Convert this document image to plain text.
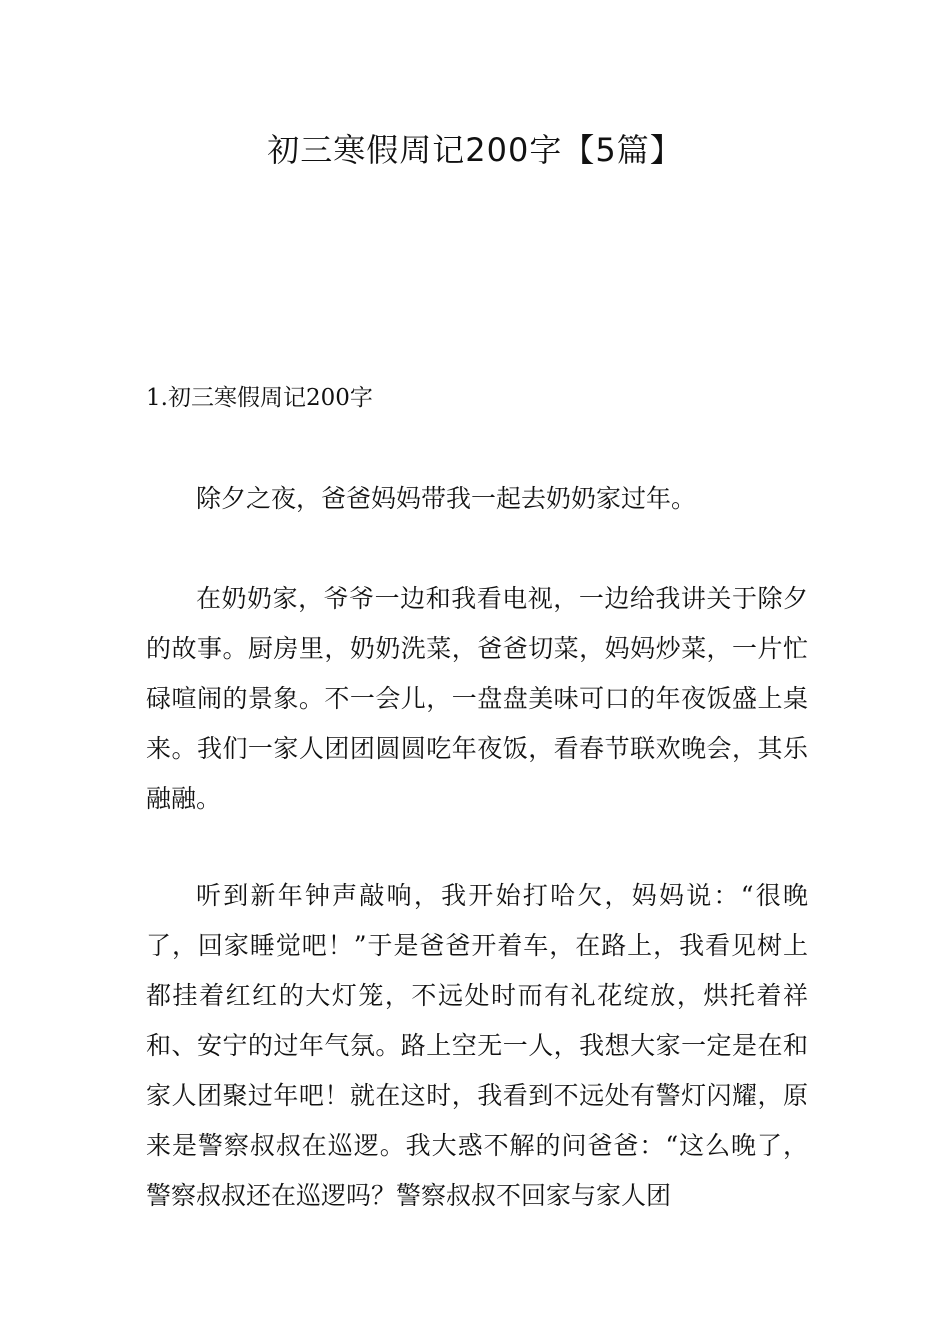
初三寒假周记200字【5篇】
1.初三寒假周记200字

除夕之夜，爸爸妈妈带我一起去奶奶家过年。

在奶奶家，爷爷一边和我看电视，一边给我讲关于除夕的故事。厨房里，奶奶洗菜，爸爸切菜，妈妈炒菜，一片忙碌喧闹的景象。不一会儿，一盘盘美味可口的年夜饭盛上桌来。我们一家人团团圆圆吃年夜饭，看春节联欢晚会，其乐融融。

听到新年钟声敲响，我开始打哈欠，妈妈说：“很晚了，回家睡觉吧！”于是爸爸开着车，在路上，我看见树上都挂着红红的大灯笼，不远处时而有礼花绽放，烘托着祥和、安宁的过年气氛。路上空无一人，我想大家一定是在和家人团聚过年吧！就在这时，我看到不远处有警灯闪耀，原来是警察叔叔在巡逻。我大惑不解的问爸爸：“这么晚了，警察叔叔还在巡逻吗？警察叔叔不回家与家人团
